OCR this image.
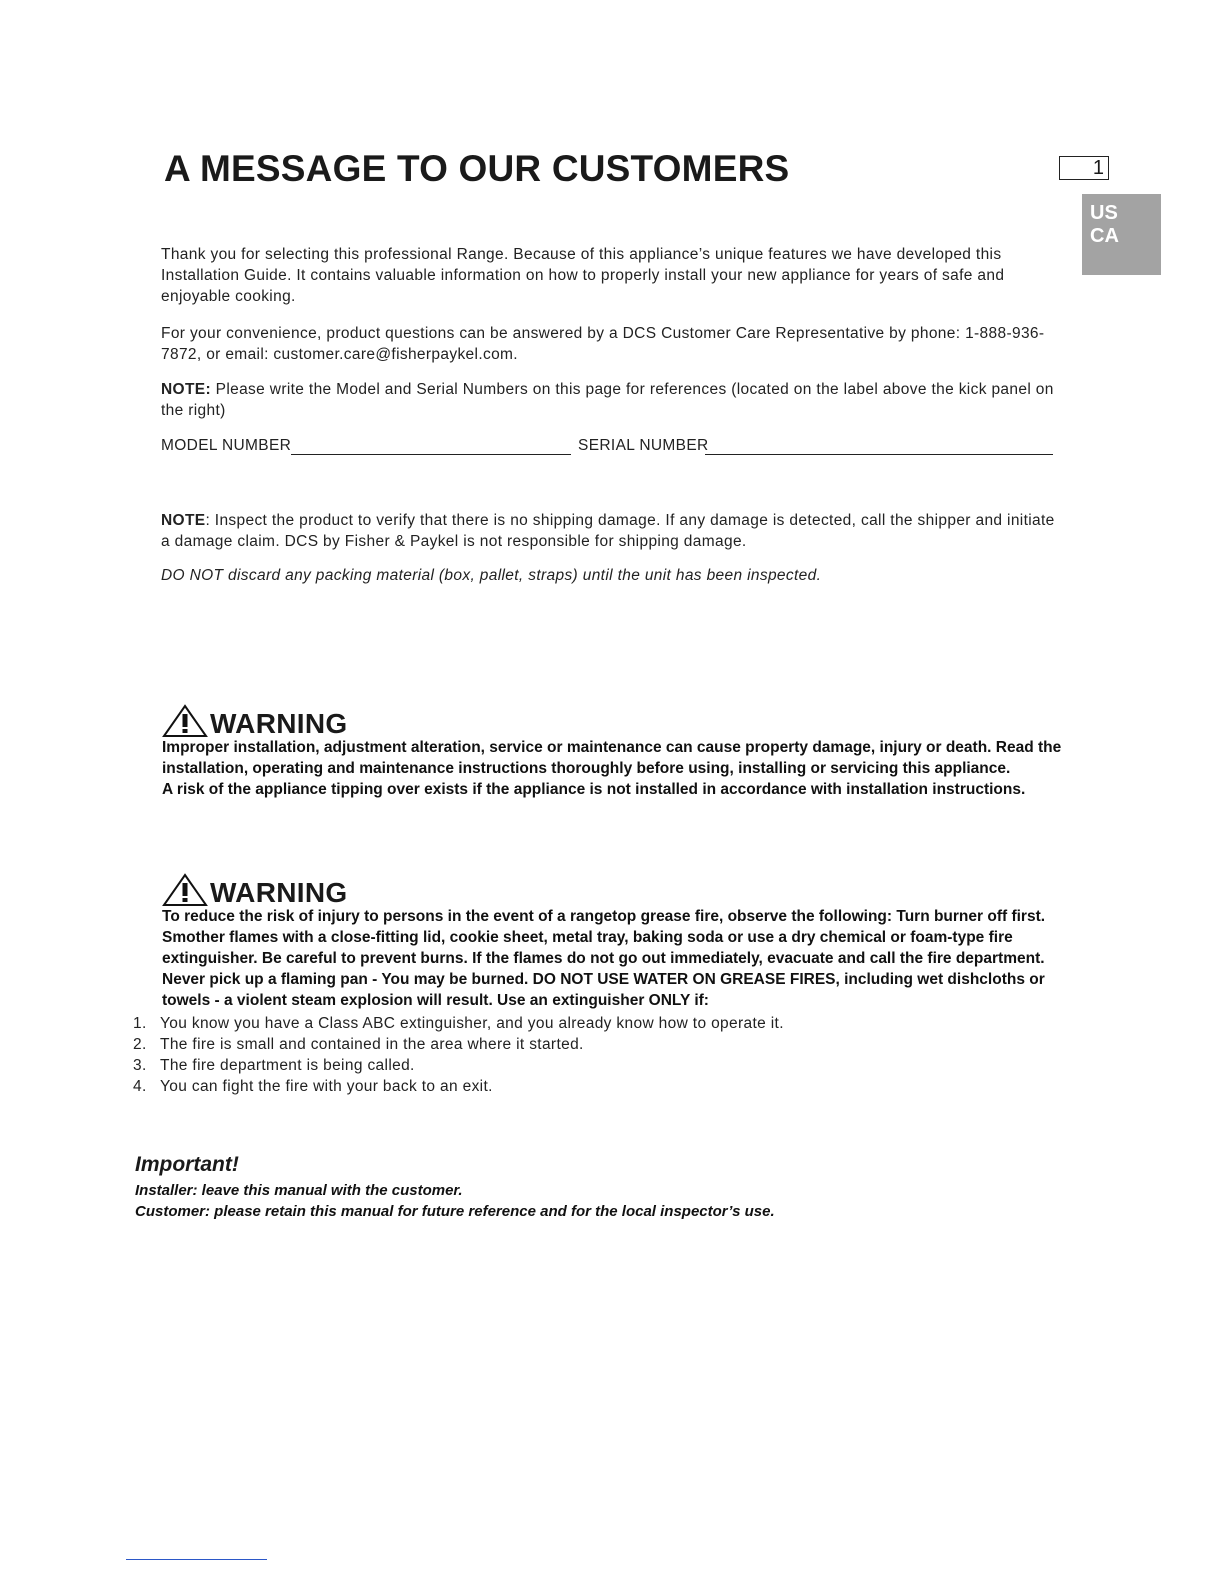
A MESSAGE TO OUR CUSTOMERS	1
US
CA

Thank you for selecting this professional Range. Because of this appliance’s unique features we have developed this Installation Guide. It contains valuable information on how to properly install your new appliance for years of safe and enjoyable cooking.

For your convenience, product questions can be answered by a DCS Customer Care Representative by phone: 1-888-936-7872, or email: customer.care@fisherpaykel.com.

NOTE: Please write the Model and Serial Numbers on this page for references (located on the label above the kick panel on the right)

MODEL NUMBER	SERIAL NUMBER

NOTE: Inspect the product to verify that there is no shipping damage. If any damage is detected, call the shipper and initiate a damage claim. DCS by Fisher & Paykel is not responsible for shipping damage.

DO NOT discard any packing material (box, pallet, straps) until the unit has been inspected.

WARNING

Improper installation, adjustment alteration, service or maintenance can cause property damage, injury or death. Read the installation, operating and maintenance instructions thoroughly before using, installing or servicing this appliance.

A risk of the appliance tipping over exists if the appliance is not installed in accordance with installation instructions.

WARNING

To reduce the risk of injury to persons in the event of a rangetop grease fire, observe the following: Turn burner off first. Smother flames with a close-fitting lid, cookie sheet, metal tray, baking soda or use a dry chemical or foam-type fire extinguisher. Be careful to prevent burns. If the flames do not go out immediately, evacuate and call the fire department. Never pick up a flaming pan - You may be burned. DO NOT USE WATER ON GREASE FIRES, including wet dishcloths or towels - a violent steam explosion will result. Use an extinguisher ONLY if:

1. You know you have a Class ABC extinguisher, and you already know how to operate it.
2. The fire is small and contained in the area where it started.
3. The fire department is being called.
4. You can fight the fire with your back to an exit.
Important!

Installer: leave this manual with the customer.

Customer: please retain this manual for future reference and for the local inspector’s use.
